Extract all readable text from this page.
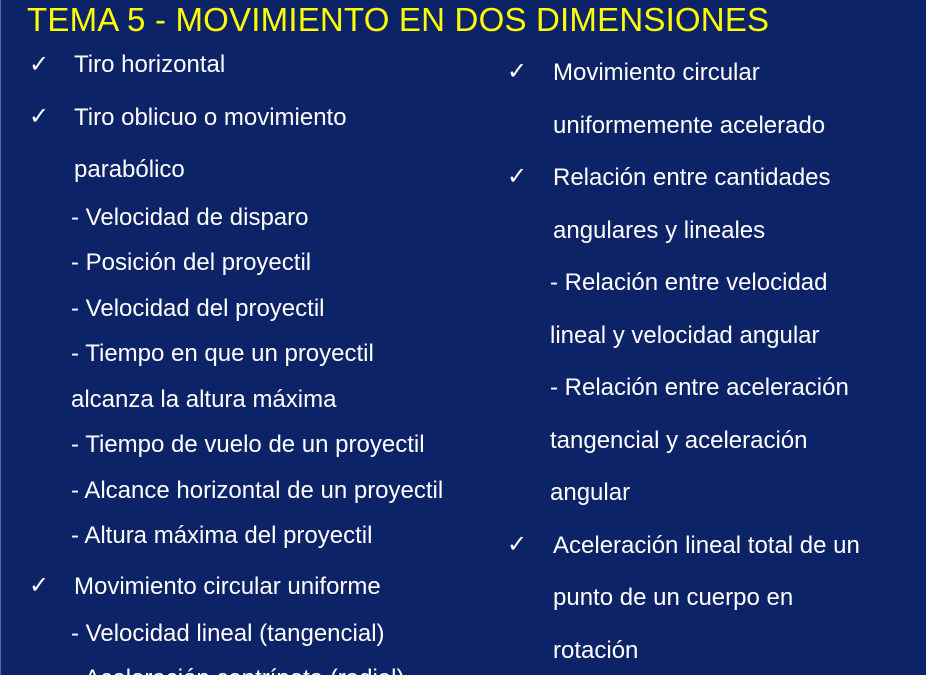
TEMA 5 - MOVIMIENTO EN DOS DIMENSIONES
✓ Tiro horizontal
✓ Tiro oblicuo o movimiento
parabólico
- Velocidad de disparo
- Posición del proyectil
- Velocidad del proyectil
- Tiempo en que un proyectil
alcanza la altura máxima
- Tiempo de vuelo de un proyectil
- Alcance horizontal de un proyectil
- Altura máxima del proyectil
✓ Movimiento circular uniforme
- Velocidad lineal (tangencial)
- Aceleración centrípeta (radial)
✓ Movimiento circular
uniformemente acelerado
✓ Relación entre cantidades
angulares y lineales
- Relación entre velocidad
lineal y velocidad angular
- Relación entre aceleración
tangencial y aceleración
angular
✓ Aceleración lineal total de un
punto de un cuerpo en
rotación
